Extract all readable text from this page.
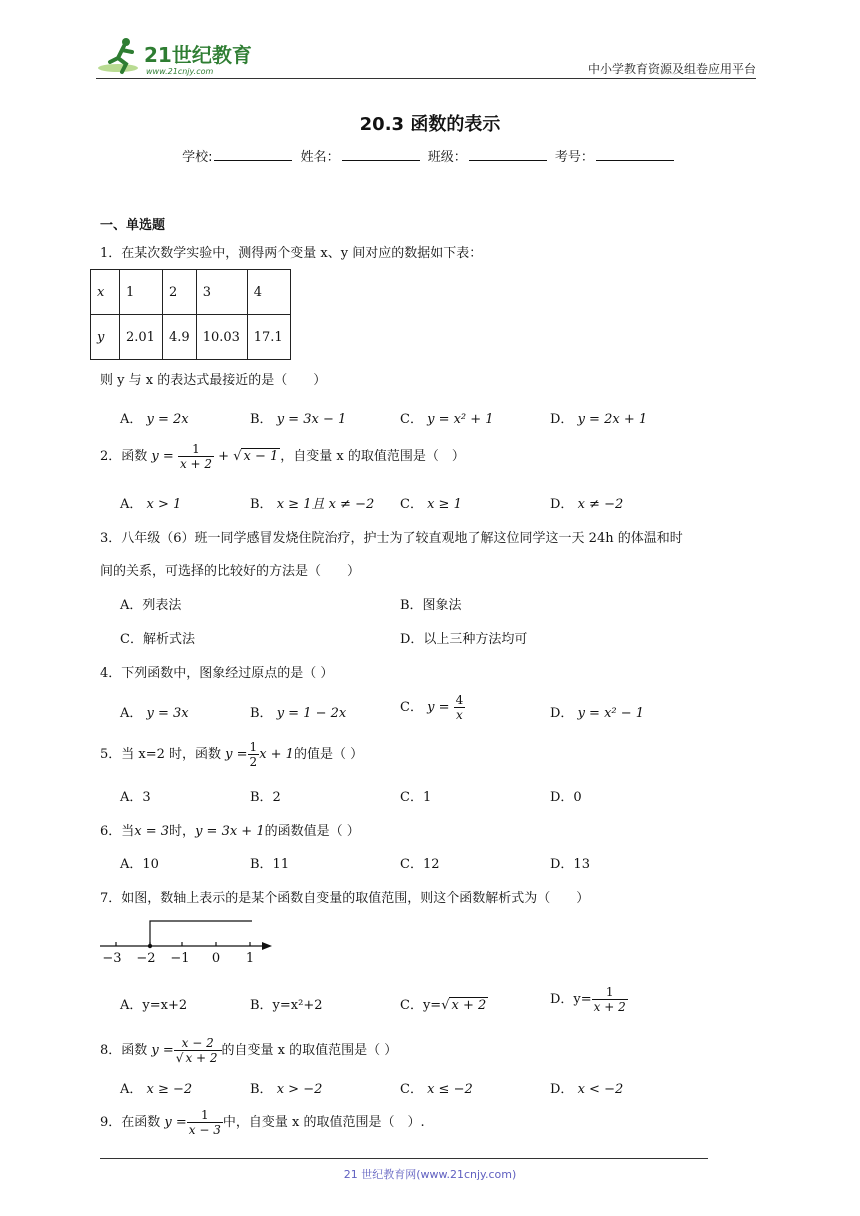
21世纪教育
www.21cnjy.com	中小学教育资源及组卷应用平台
20.3 函数的表示
学校:	姓名：	班级：	考号：
一、单选题
1．在某次数学实验中，测得两个变量 x、y 间对应的数据如下表：
x	1	2	3	4
y	2.01	4.9	10.03	17.1
则 y 与 x 的表达式最接近的是（　　）
A． y = 2x	B． y = 3x − 1	C． y = x² + 1	D． y = 2x + 1
2．函数 $y = \frac{1}{x + 2}$ + √ x − 1 ，自变量 x 的取值范围是（　）
A． x > 1	B． x ≥ 1且 x ≠ −2 C． x ≥ 1	D． x ≠ −2
3．八年级（6）班一同学感冒发烧住院治疗，护士为了较直观地了解这位同学这一天 24h 的体温和时
间的关系，可选择的比较好的方法是（　　）
A．列表法	B．图象法
C．解析式法	D．以上三种方法均可
4．下列函数中，图象经过原点的是（ ）
A． y = 3x	B． y = 1 − 2x	C． $y = \frac{4}{x}$	D． y = x² − 1
5．当 x=2 时，函数 $y = \frac{1}{2}$ x + 1的值是（ ）
A．3	B．2	C．1	D．0
6．当x = 3时，y = 3x + 1的函数值是（ ）
A．10	B．11	C．12	D．13
7．如图，数轴上表示的是某个函数自变量的取值范围，则这个函数解析式为（　　）
−3 −2 −1 0 1
A．y=x+2	B．y=x²+2	C．y=√ x + 2	D．$y= \frac{1}{x + 2}$
8．函数 $y = \frac{x - 2}{√ x + 2}$ 的自变量 x 的取值范围是（ ）
A． x ≥ −2	B． x > −2	C． x ≤ −2	D． x < −2
9．在函数 $y = \frac{1}{x - 3}$ 中，自变量 x 的取值范围是（　）.
21 世纪教育网(www.21cnjy.com)
